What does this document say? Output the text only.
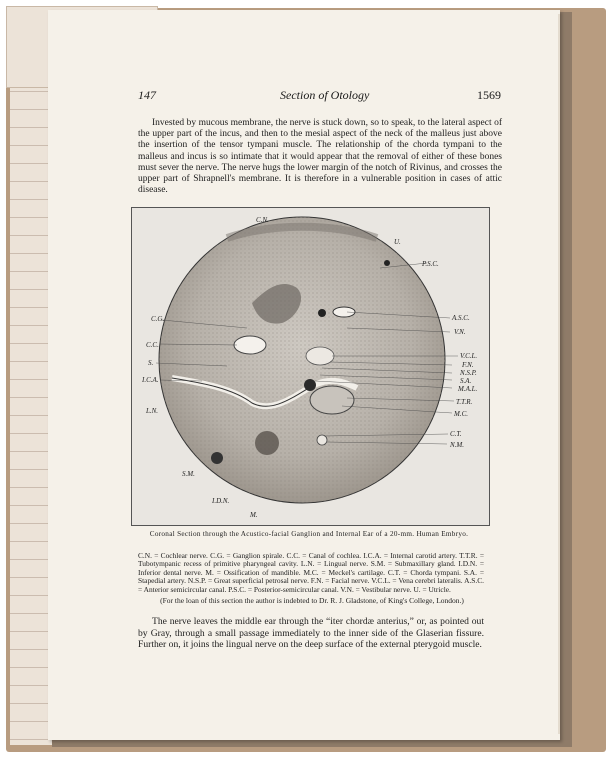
147	Section of Otology	1569

Invested by mucous membrane, the nerve is stuck down, so to speak, to the lateral aspect of the upper part of the incus, and then to the mesial aspect of the neck of the malleus just above the insertion of the tensor tympani muscle. The relationship of the chorda tympani to the malleus and incus is so intimate that it would appear that the removal of either of these bones must sever the nerve. The nerve hugs the lower margin of the notch of Rivinus, and crosses the upper part of Shrapnell's membrane. It is therefore in a vulnerable position in cases of attic disease.

C.N.
U.
P.S.C.
C.G.	A.S.C.
V.N.
C.C.
S.
I.C.A.
V.C.L.
F.N.
N.S.P.
S.A.
M.A.L.
T.T.R.
M.C.
L.N.
C.T.
N.M.
S.M.
I.D.N.
M.
Coronal Section through the Acustico-facial Ganglion and Internal Ear of a 20-mm. Human Embryo.

C.N. = Cochlear nerve. C.G. = Ganglion spirale. C.C. = Canal of cochlea. I.C.A. = Internal carotid artery. T.T.R. = Tubotympanic recess of primitive pharyngeal cavity. L.N. = Lingual nerve. S.M. = Submaxillary gland. I.D.N. = Inferior dental nerve. M. = Ossification of mandible. M.C. = Meckel's cartilage. C.T. = Chorda tympani. S.A. = Stapedial artery. N.S.P. = Great superficial petrosal nerve. F.N. = Facial nerve. V.C.L. = Vena cerebri lateralis. A.S.C. = Anterior semicircular canal. P.S.C. = Posterior-semicircular canal. V.N. = Vestibular nerve. U. = Utricle.

(For the loan of this section the author is indebted to Dr. R. J. Gladstone, of King's College, London.)

The nerve leaves the middle ear through the “iter chordæ anterius,” or, as pointed out by Gray, through a small passage immediately to the inner side of the Glaserian fissure. Further on, it joins the lingual nerve on the deep surface of the external pterygoid muscle.
